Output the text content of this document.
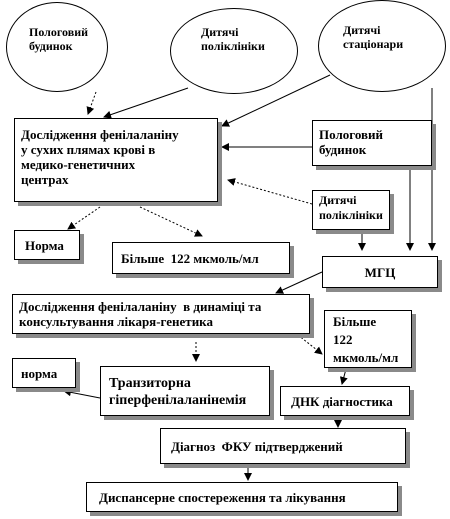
Пологовий
будинок
Дитячі
поліклініки
Дитячі
стаціонари
Дослідження фенілаланіну
у сухих плямах крові в
медико-генетичних
центрах
Пологовий
будинок
Дитячі
поліклініки
Норма
Більше  122 мкмоль/мл
МГЦ
Дослідження фенілаланіну  в динаміці та
консультування лікаря-генетика	Більше
122
мкмоль/мл
норма
Транзиторна
гіперфенілаланінемія	ДНК діагностика
Діагноз  ФКУ підтверджений
Диспансерне спостереження та лікування
